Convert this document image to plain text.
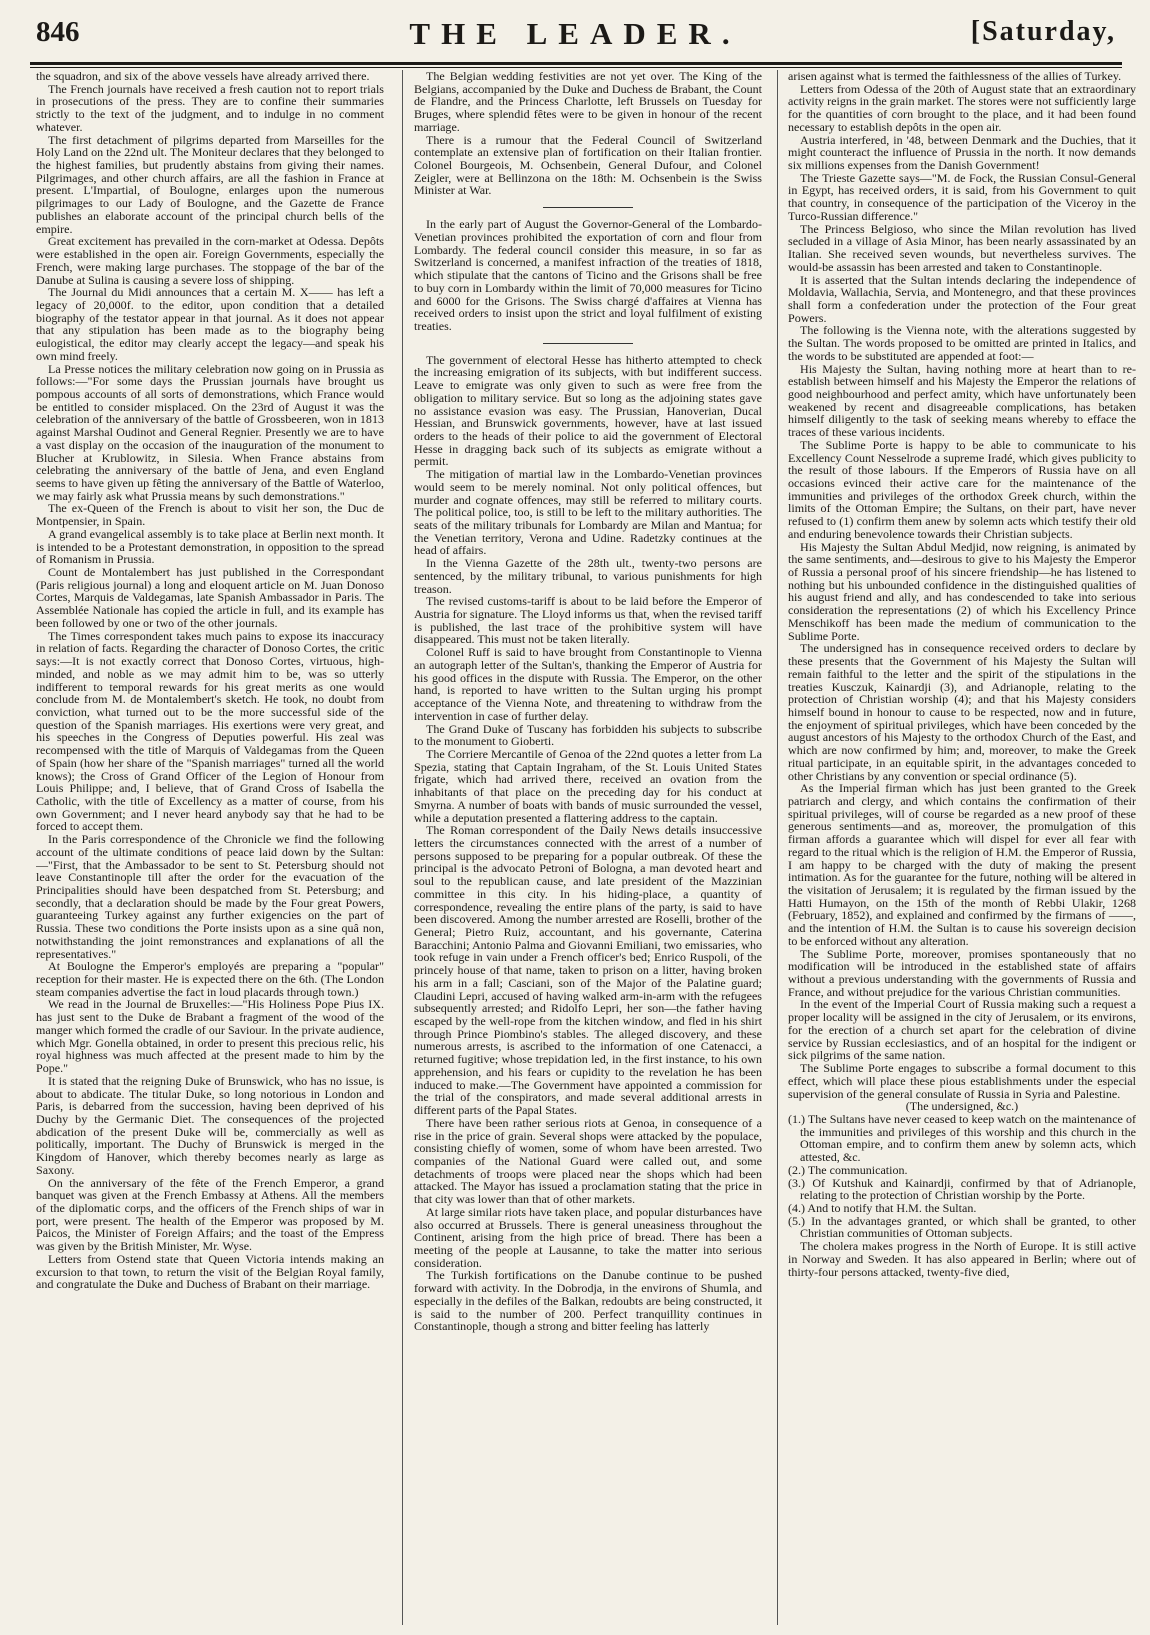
846	THE LEADER.	[Saturday,

the squadron, and six of the above vessels have already arrived there.

The French journals have received a fresh caution not to report trials in prosecutions of the press. They are to confine their summaries strictly to the text of the judgment, and to indulge in no comment whatever.

The first detachment of pilgrims departed from Marseilles for the Holy Land on the 22nd ult. The Moniteur declares that they belonged to the highest families, but prudently abstains from giving their names. Pilgrimages, and other church affairs, are all the fashion in France at present. L'Impartial, of Boulogne, enlarges upon the numerous pilgrimages to our Lady of Boulogne, and the Gazette de France publishes an elaborate account of the principal church bells of the empire.

Great excitement has prevailed in the corn-market at Odessa. Depôts were established in the open air. Foreign Governments, especially the French, were making large purchases. The stoppage of the bar of the Danube at Sulina is causing a severe loss of shipping.

The Journal du Midi announces that a certain M. X—— has left a legacy of 20,000f. to the editor, upon condition that a detailed biography of the testator appear in that journal. As it does not appear that any stipulation has been made as to the biography being eulogistical, the editor may clearly accept the legacy—and speak his own mind freely.

La Presse notices the military celebration now going on in Prussia as follows:—"For some days the Prussian journals have brought us pompous accounts of all sorts of demonstrations, which France would be entitled to consider misplaced. On the 23rd of August it was the celebration of the anniversary of the battle of Grossbeeren, won in 1813 against Marshal Oudinot and General Regnier. Presently we are to have a vast display on the occasion of the inauguration of the monument to Blucher at Krublowitz, in Silesia. When France abstains from celebrating the anniversary of the battle of Jena, and even England seems to have given up fêting the anniversary of the Battle of Waterloo, we may fairly ask what Prussia means by such demonstrations."

The ex-Queen of the French is about to visit her son, the Duc de Montpensier, in Spain.

A grand evangelical assembly is to take place at Berlin next month. It is intended to be a Protestant demonstration, in opposition to the spread of Romanism in Prussia.

Count de Montalembert has just published in the Correspondant (Paris religious journal) a long and eloquent article on M. Juan Donoso Cortes, Marquis de Valdegamas, late Spanish Ambassador in Paris. The Assemblée Nationale has copied the article in full, and its example has been followed by one or two of the other journals.

The Times correspondent takes much pains to expose its inaccuracy in relation of facts. Regarding the character of Donoso Cortes, the critic says:—It is not exactly correct that Donoso Cortes, virtuous, high-minded, and noble as we may admit him to be, was so utterly indifferent to temporal rewards for his great merits as one would conclude from M. de Montalembert's sketch. He took, no doubt from conviction, what turned out to be the more successful side of the question of the Spanish marriages. His exertions were very great, and his speeches in the Congress of Deputies powerful. His zeal was recompensed with the title of Marquis of Valdegamas from the Queen of Spain (how her share of the "Spanish marriages" turned all the world knows); the Cross of Grand Officer of the Legion of Honour from Louis Philippe; and, I believe, that of Grand Cross of Isabella the Catholic, with the title of Excellency as a matter of course, from his own Government; and I never heard anybody say that he had to be forced to accept them.

In the Paris correspondence of the Chronicle we find the following account of the ultimate conditions of peace laid down by the Sultan:—"First, that the Ambassador to be sent to St. Petersburg should not leave Constantinople till after the order for the evacuation of the Principalities should have been despatched from St. Petersburg; and secondly, that a declaration should be made by the Four great Powers, guaranteeing Turkey against any further exigencies on the part of Russia. These two conditions the Porte insists upon as a sine quâ non, notwithstanding the joint remonstrances and explanations of all the representatives."

At Boulogne the Emperor's employés are preparing a "popular" reception for their master. He is expected there on the 6th. (The London steam companies advertise the fact in loud placards through town.)

We read in the Journal de Bruxelles:—"His Holiness Pope Pius IX. has just sent to the Duke de Brabant a fragment of the wood of the manger which formed the cradle of our Saviour. In the private audience, which Mgr. Gonella obtained, in order to present this precious relic, his royal highness was much affected at the present made to him by the Pope."

It is stated that the reigning Duke of Brunswick, who has no issue, is about to abdicate. The titular Duke, so long notorious in London and Paris, is debarred from the succession, having been deprived of his Duchy by the Germanic Diet. The consequences of the projected abdication of the present Duke will be, commercially as well as politically, important. The Duchy of Brunswick is merged in the Kingdom of Hanover, which thereby becomes nearly as large as Saxony.

On the anniversary of the fête of the French Emperor, a grand banquet was given at the French Embassy at Athens. All the members of the diplomatic corps, and the officers of the French ships of war in port, were present. The health of the Emperor was proposed by M. Paicos, the Minister of Foreign Affairs; and the toast of the Empress was given by the British Minister, Mr. Wyse.

Letters from Ostend state that Queen Victoria intends making an excursion to that town, to return the visit of the Belgian Royal family, and congratulate the Duke and Duchess of Brabant on their marriage.

The Belgian wedding festivities are not yet over. The King of the Belgians, accompanied by the Duke and Duchess de Brabant, the Count de Flandre, and the Princess Charlotte, left Brussels on Tuesday for Bruges, where splendid fêtes were to be given in honour of the recent marriage.

There is a rumour that the Federal Council of Switzerland contemplate an extensive plan of fortification on their Italian frontier. Colonel Bourgeois, M. Ochsenbein, General Dufour, and Colonel Zeigler, were at Bellinzona on the 18th: M. Ochsenbein is the Swiss Minister at War.

In the early part of August the Governor-General of the Lombardo-Venetian provinces prohibited the exportation of corn and flour from Lombardy. The federal council consider this measure, in so far as Switzerland is concerned, a manifest infraction of the treaties of 1818, which stipulate that the cantons of Ticino and the Grisons shall be free to buy corn in Lombardy within the limit of 70,000 measures for Ticino and 6000 for the Grisons. The Swiss chargé d'affaires at Vienna has received orders to insist upon the strict and loyal fulfilment of existing treaties.

The government of electoral Hesse has hitherto attempted to check the increasing emigration of its subjects, with but indifferent success. Leave to emigrate was only given to such as were free from the obligation to military service. But so long as the adjoining states gave no assistance evasion was easy. The Prussian, Hanoverian, Ducal Hessian, and Brunswick governments, however, have at last issued orders to the heads of their police to aid the government of Electoral Hesse in dragging back such of its subjects as emigrate without a permit.

The mitigation of martial law in the Lombardo-Venetian provinces would seem to be merely nominal. Not only political offences, but murder and cognate offences, may still be referred to military courts. The political police, too, is still to be left to the military authorities. The seats of the military tribunals for Lombardy are Milan and Mantua; for the Venetian territory, Verona and Udine. Radetzky continues at the head of affairs.

In the Vienna Gazette of the 28th ult., twenty-two persons are sentenced, by the military tribunal, to various punishments for high treason.

The revised customs-tariff is about to be laid before the Emperor of Austria for signature. The Lloyd informs us that, when the revised tariff is published, the last trace of the prohibitive system will have disappeared. This must not be taken literally.

Colonel Ruff is said to have brought from Constantinople to Vienna an autograph letter of the Sultan's, thanking the Emperor of Austria for his good offices in the dispute with Russia. The Emperor, on the other hand, is reported to have written to the Sultan urging his prompt acceptance of the Vienna Note, and threatening to withdraw from the intervention in case of further delay.

The Grand Duke of Tuscany has forbidden his subjects to subscribe to the monument to Gioberti.

The Corriere Mercantile of Genoa of the 22nd quotes a letter from La Spezia, stating that Captain Ingraham, of the St. Louis United States frigate, which had arrived there, received an ovation from the inhabitants of that place on the preceding day for his conduct at Smyrna. A number of boats with bands of music surrounded the vessel, while a deputation presented a flattering address to the captain.

The Roman correspondent of the Daily News details insuccessive letters the circumstances connected with the arrest of a number of persons supposed to be preparing for a popular outbreak. Of these the principal is the advocato Petroni of Bologna, a man devoted heart and soul to the republican cause, and late president of the Mazzinian committee in this city. In his hiding-place, a quantity of correspondence, revealing the entire plans of the party, is said to have been discovered. Among the number arrested are Roselli, brother of the General; Pietro Ruiz, accountant, and his governante, Caterina Baracchini; Antonio Palma and Giovanni Emiliani, two emissaries, who took refuge in vain under a French officer's bed; Enrico Ruspoli, of the princely house of that name, taken to prison on a litter, having broken his arm in a fall; Casciani, son of the Major of the Palatine guard; Claudini Lepri, accused of having walked arm-in-arm with the refugees subsequently arrested; and Ridolfo Lepri, her son—the father having escaped by the well-rope from the kitchen window, and fled in his shirt through Prince Piombino's stables. The alleged discovery, and these numerous arrests, is ascribed to the information of one Catenacci, a returned fugitive; whose trepidation led, in the first instance, to his own apprehension, and his fears or cupidity to the revelation he has been induced to make.—The Government have appointed a commission for the trial of the conspirators, and made several additional arrests in different parts of the Papal States.

There have been rather serious riots at Genoa, in consequence of a rise in the price of grain. Several shops were attacked by the populace, consisting chiefly of women, some of whom have been arrested. Two companies of the National Guard were called out, and some detachments of troops were placed near the shops which had been attacked. The Mayor has issued a proclamation stating that the price in that city was lower than that of other markets.

At large similar riots have taken place, and popular disturbances have also occurred at Brussels. There is general uneasiness throughout the Continent, arising from the high price of bread. There has been a meeting of the people at Lausanne, to take the matter into serious consideration.

The Turkish fortifications on the Danube continue to be pushed forward with activity. In the Dobrodja, in the environs of Shumla, and especially in the defiles of the Balkan, redoubts are being constructed, it is said to the number of 200. Perfect tranquillity continues in Constantinople, though a strong and bitter feeling has latterly

arisen against what is termed the faithlessness of the allies of Turkey.

Letters from Odessa of the 20th of August state that an extraordinary activity reigns in the grain market. The stores were not sufficiently large for the quantities of corn brought to the place, and it had been found necessary to establish depôts in the open air.

Austria interfered, in '48, between Denmark and the Duchies, that it might counteract the influence of Prussia in the north. It now demands six millions expenses from the Danish Government!

The Trieste Gazette says—"M. de Fock, the Russian Consul-General in Egypt, has received orders, it is said, from his Government to quit that country, in consequence of the participation of the Viceroy in the Turco-Russian difference."

The Princess Belgioso, who since the Milan revolution has lived secluded in a village of Asia Minor, has been nearly assassinated by an Italian. She received seven wounds, but nevertheless survives. The would-be assassin has been arrested and taken to Constantinople.

It is asserted that the Sultan intends declaring the independence of Moldavia, Wallachia, Servia, and Montenegro, and that these provinces shall form a confederation under the protection of the Four great Powers.

The following is the Vienna note, with the alterations suggested by the Sultan. The words proposed to be omitted are printed in Italics, and the words to be substituted are appended at foot:—

His Majesty the Sultan, having nothing more at heart than to re-establish between himself and his Majesty the Emperor the relations of good neighbourhood and perfect amity, which have unfortunately been weakened by recent and disagreeable complications, has betaken himself diligently to the task of seeking means whereby to efface the traces of these various incidents.

The Sublime Porte is happy to be able to communicate to his Excellency Count Nesselrode a supreme Iradé, which gives publicity to the result of those labours. If the Emperors of Russia have on all occasions evinced their active care for the maintenance of the immunities and privileges of the orthodox Greek church, within the limits of the Ottoman Empire; the Sultans, on their part, have never refused to (1) confirm them anew by solemn acts which testify their old and enduring benevolence towards their Christian subjects.

His Majesty the Sultan Abdul Medjid, now reigning, is animated by the same sentiments, and—desirous to give to his Majesty the Emperor of Russia a personal proof of his sincere friendship—he has listened to nothing but his unbounded confidence in the distinguished qualities of his august friend and ally, and has condescended to take into serious consideration the representations (2) of which his Excellency Prince Menschikoff has been made the medium of communication to the Sublime Porte.

The undersigned has in consequence received orders to declare by these presents that the Government of his Majesty the Sultan will remain faithful to the letter and the spirit of the stipulations in the treaties Kusczuk, Kainardji (3), and Adrianople, relating to the protection of Christian worship (4); and that his Majesty considers himself bound in honour to cause to be respected, now and in future, the enjoyment of spiritual privileges, which have been conceded by the august ancestors of his Majesty to the orthodox Church of the East, and which are now confirmed by him; and, moreover, to make the Greek ritual participate, in an equitable spirit, in the advantages conceded to other Christians by any convention or special ordinance (5).

As the Imperial firman which has just been granted to the Greek patriarch and clergy, and which contains the confirmation of their spiritual privileges, will of course be regarded as a new proof of these generous sentiments—and as, moreover, the promulgation of this firman affords a guarantee which will dispel for ever all fear with regard to the ritual which is the religion of H.M. the Emperor of Russia, I am happy to be charged with the duty of making the present intimation. As for the guarantee for the future, nothing will be altered in the visitation of Jerusalem; it is regulated by the firman issued by the Hatti Humayon, on the 15th of the month of Rebbi Ulakir, 1268 (February, 1852), and explained and confirmed by the firmans of ——, and the intention of H.M. the Sultan is to cause his sovereign decision to be enforced without any alteration.

The Sublime Porte, moreover, promises spontaneously that no modification will be introduced in the established state of affairs without a previous understanding with the governments of Russia and France, and without prejudice for the various Christian communities.

In the event of the Imperial Court of Russia making such a request a proper locality will be assigned in the city of Jerusalem, or its environs, for the erection of a church set apart for the celebration of divine service by Russian ecclesiastics, and of an hospital for the indigent or sick pilgrims of the same nation.

The Sublime Porte engages to subscribe a formal document to this effect, which will place these pious establishments under the especial supervision of the general consulate of Russia in Syria and Palestine.

(The undersigned, &c.)

(1.) The Sultans have never ceased to keep watch on the maintenance of the immunities and privileges of this worship and this church in the Ottoman empire, and to confirm them anew by solemn acts, which attested, &c.

(2.) The communication.

(3.) Of Kutshuk and Kainardji, confirmed by that of Adrianople, relating to the protection of Christian worship by the Porte.

(4.) And to notify that H.M. the Sultan.

(5.) In the advantages granted, or which shall be granted, to other Christian communities of Ottoman subjects.

The cholera makes progress in the North of Europe. It is still active in Norway and Sweden. It has also appeared in Berlin; where out of thirty-four persons attacked, twenty-five died,
